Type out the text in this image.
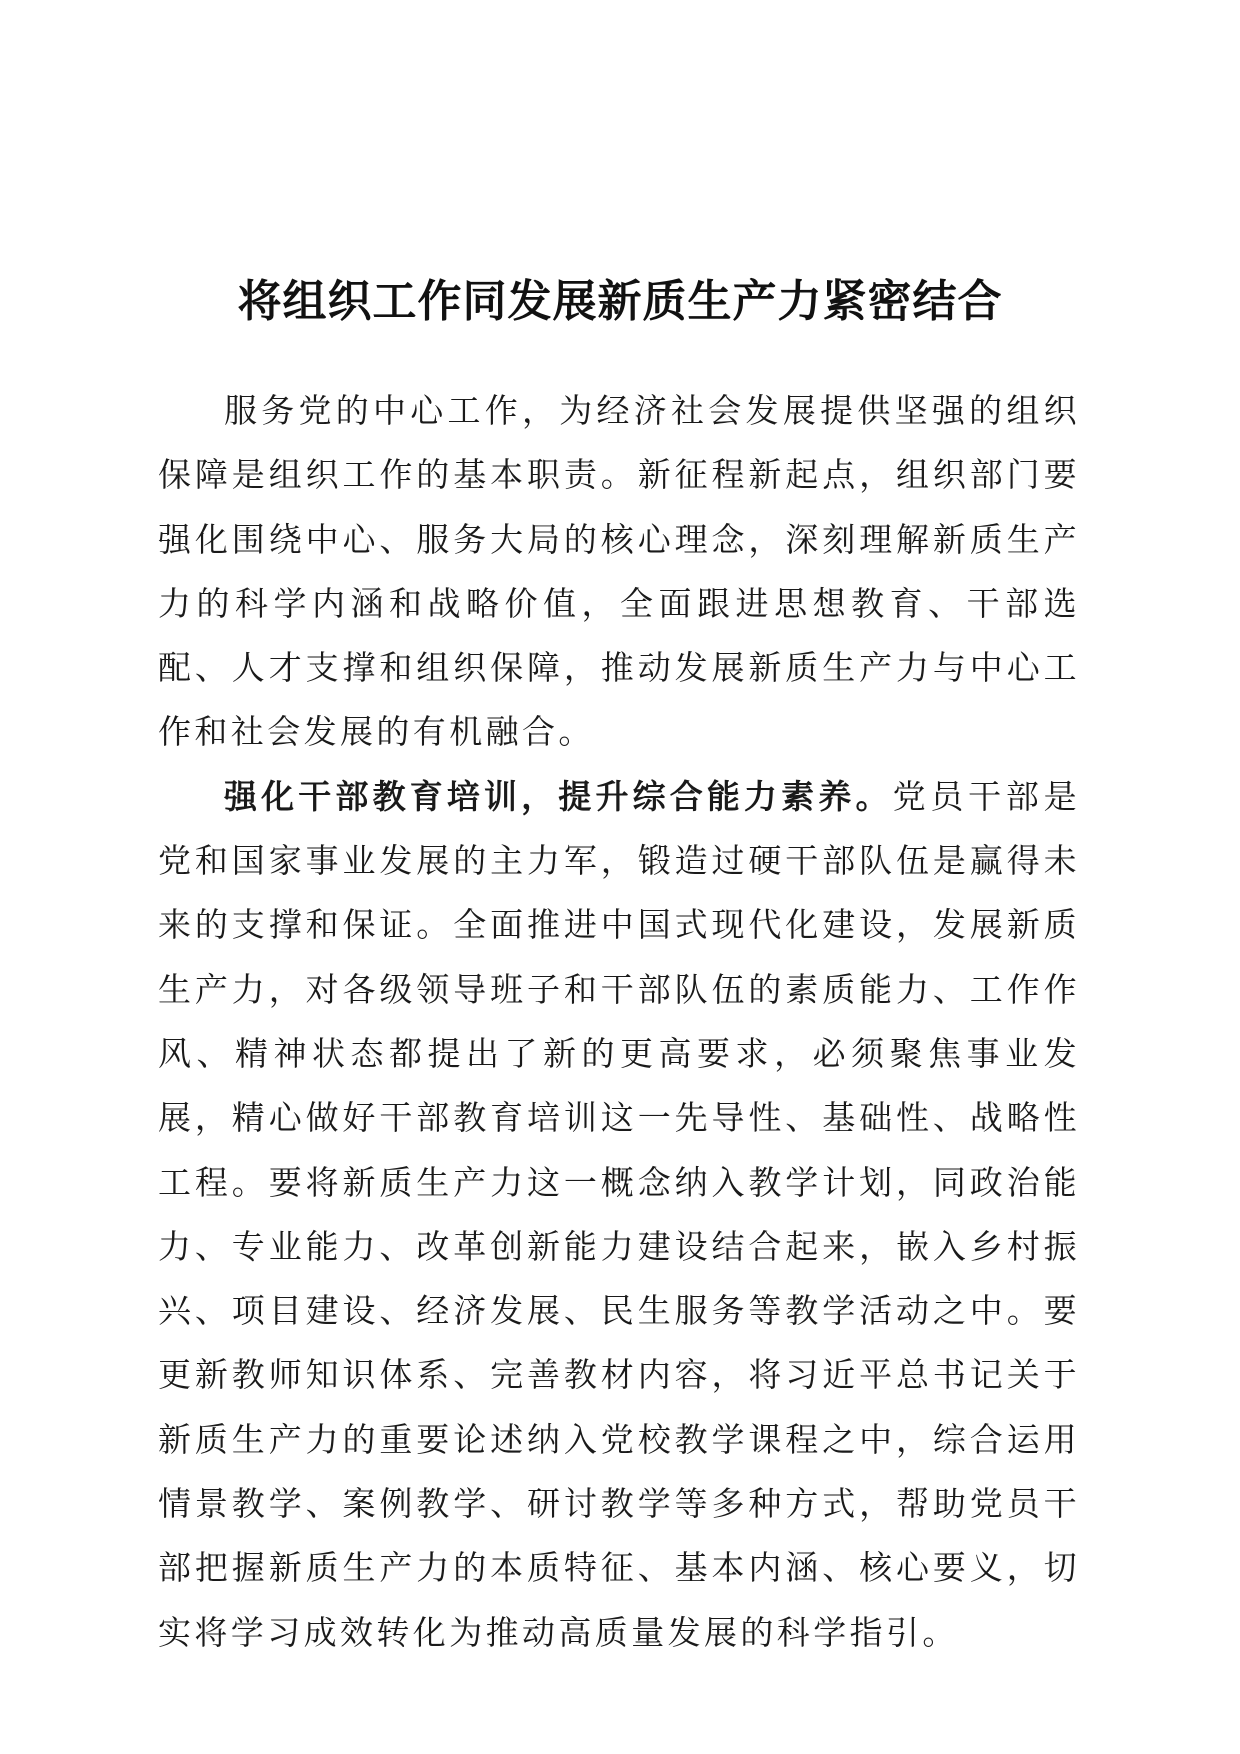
将组织工作同发展新质生产力紧密结合

服务党的中心工作，为经济社会发展提供坚强的组织保障是组织工作的基本职责。新征程新起点，组织部门要强化围绕中心、服务大局的核心理念，深刻理解新质生产力的科学内涵和战略价值，全面跟进思想教育、干部选配、人才支撑和组织保障，推动发展新质生产力与中心工作和社会发展的有机融合。

强化干部教育培训，提升综合能力素养。党员干部是党和国家事业发展的主力军，锻造过硬干部队伍是赢得未来的支撑和保证。全面推进中国式现代化建设，发展新质生产力，对各级领导班子和干部队伍的素质能力、工作作风、精神状态都提出了新的更高要求，必须聚焦事业发展，精心做好干部教育培训这一先导性、基础性、战略性工程。要将新质生产力这一概念纳入教学计划，同政治能力、专业能力、改革创新能力建设结合起来，嵌入乡村振兴、项目建设、经济发展、民生服务等教学活动之中。要更新教师知识体系、完善教材内容，将习近平总书记关于新质生产力的重要论述纳入党校教学课程之中，综合运用情景教学、案例教学、研讨教学等多种方式，帮助党员干部把握新质生产力的本质特征、基本内涵、核心要义，切实将学习成效转化为推动高质量发展的科学指引。
